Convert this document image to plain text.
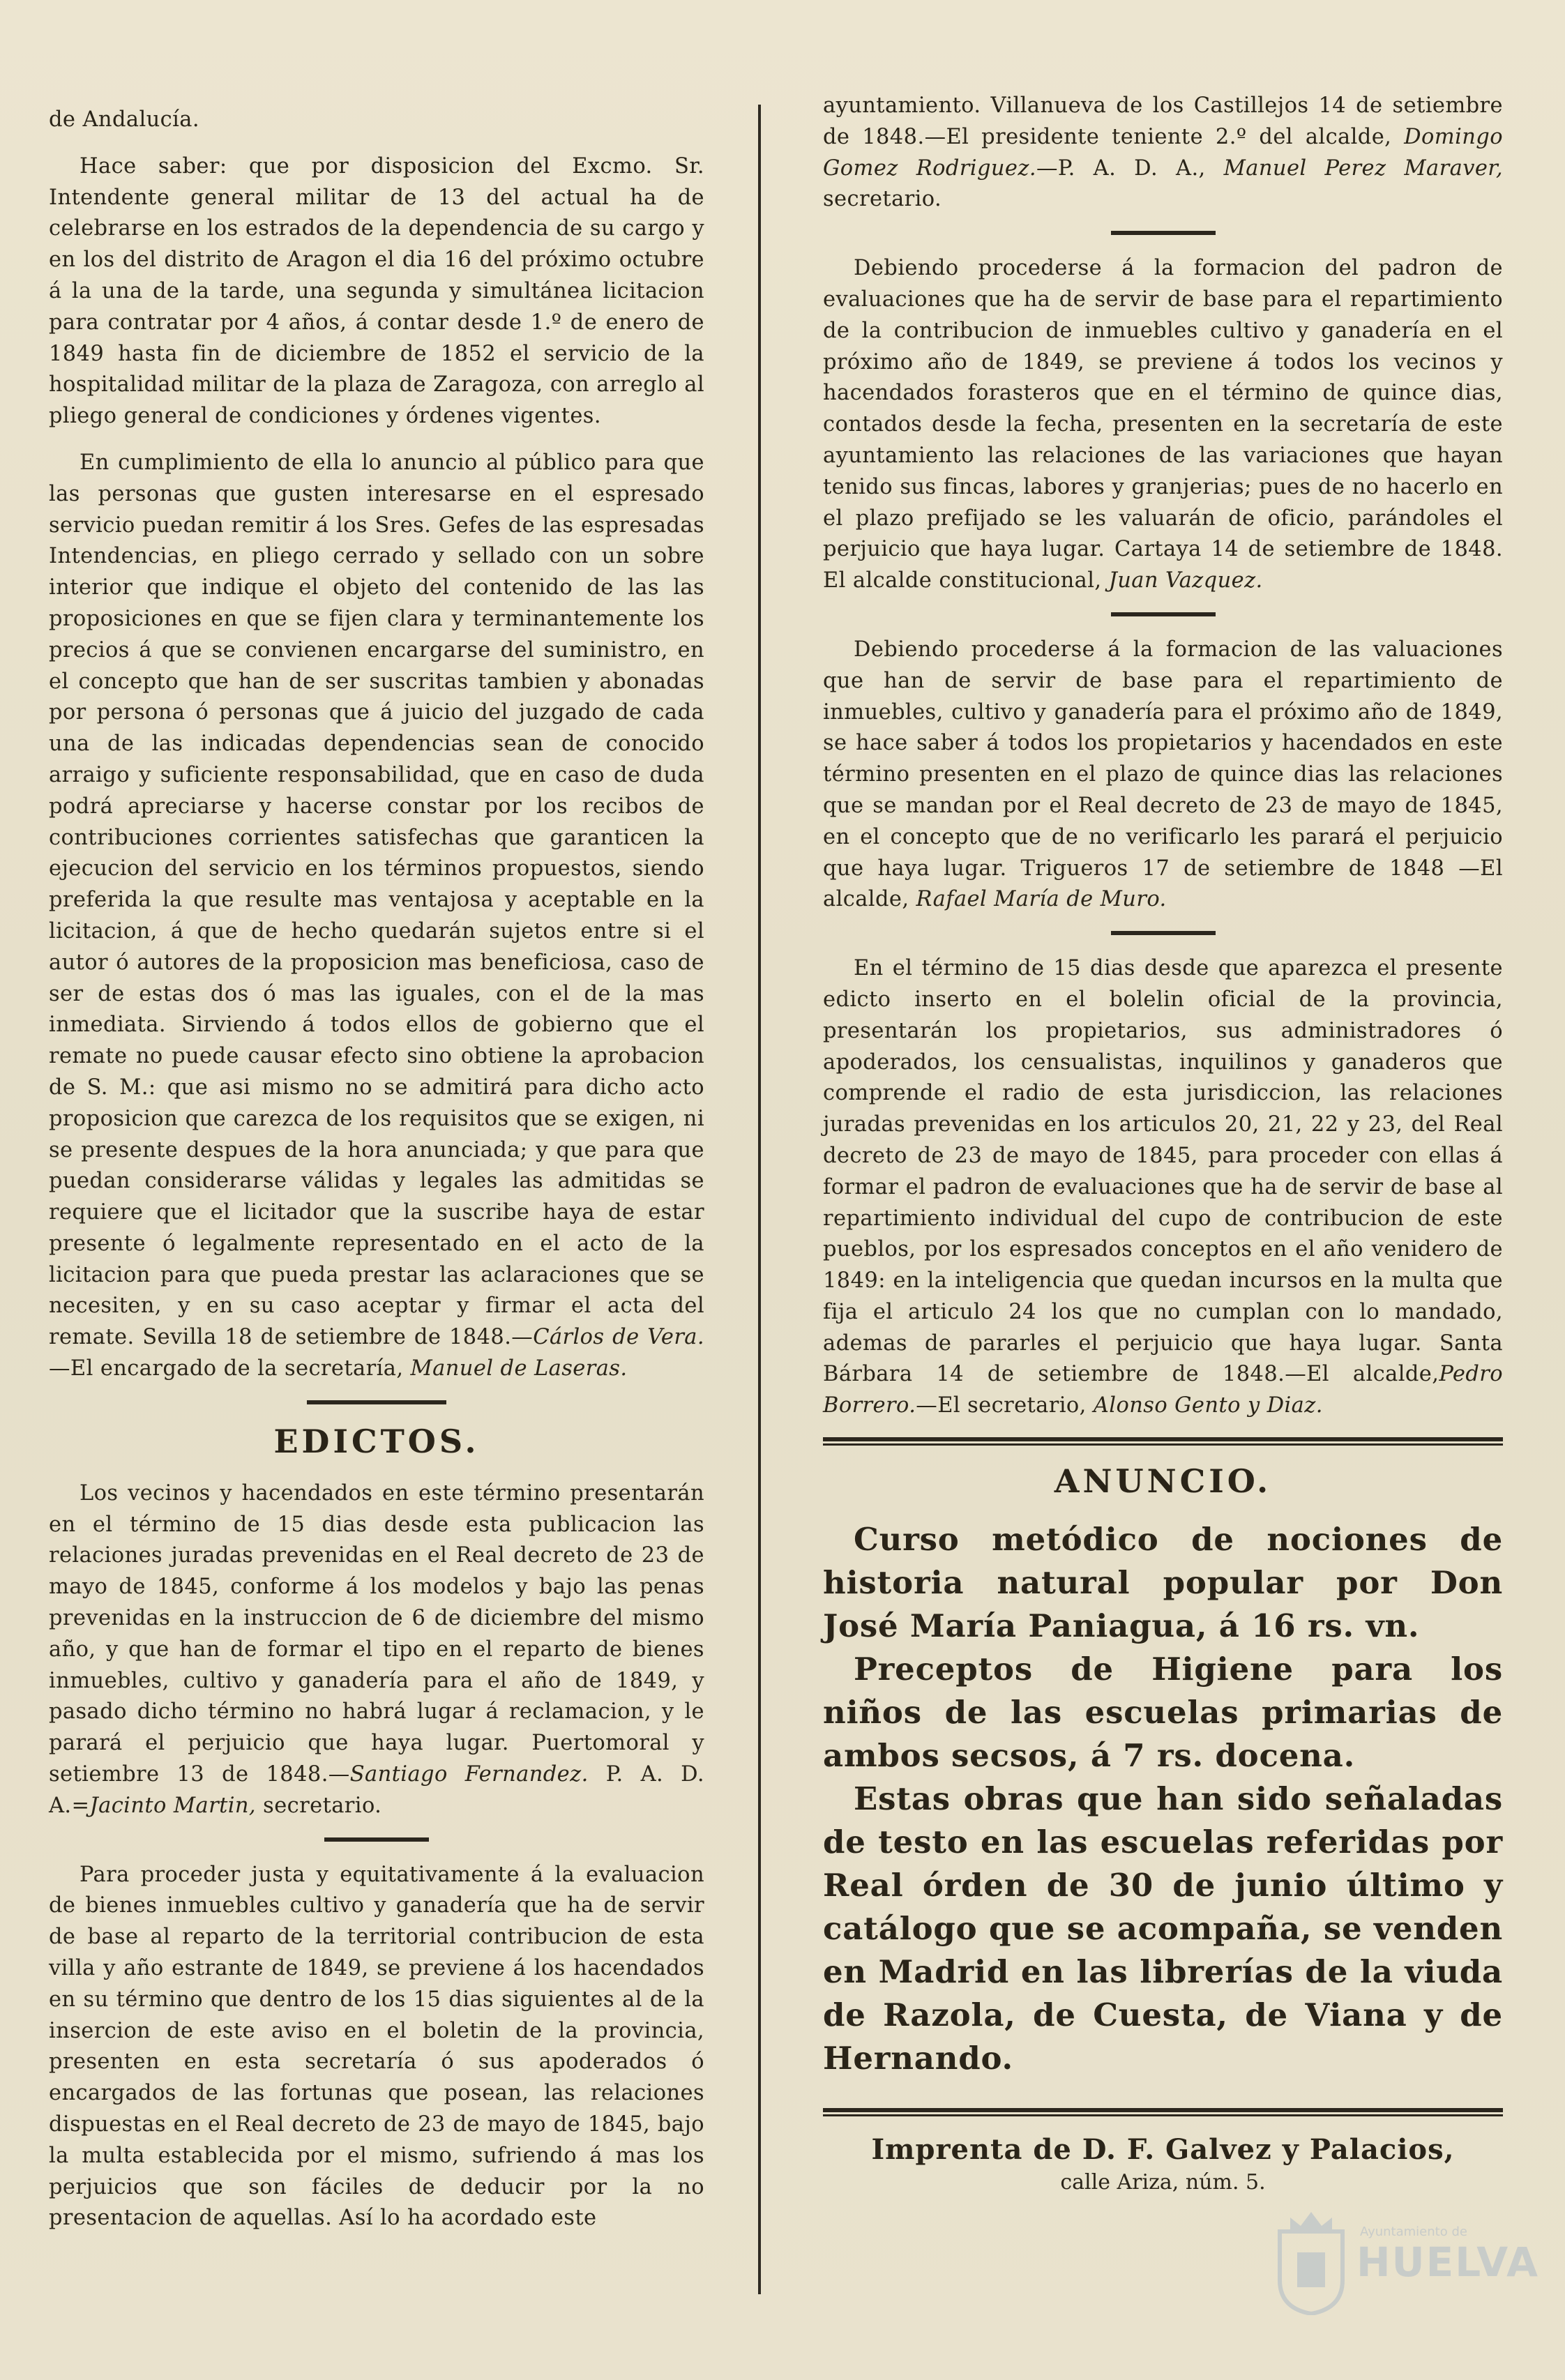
de Andalucía.

Hace saber: que por disposicion del Excmo. Sr. Intendente general militar de 13 del actual ha de celebrarse en los estrados de la dependencia de su cargo y en los del distrito de Aragon el dia 16 del próximo octubre á la una de la tarde, una segunda y simultánea licitacion para contratar por 4 años, á contar desde 1.º de enero de 1849 hasta fin de diciembre de 1852 el servicio de la hospitalidad militar de la plaza de Zaragoza, con arreglo al pliego general de condiciones y órdenes vigentes.

En cumplimiento de ella lo anuncio al público para que las personas que gusten interesarse en el espresado servicio puedan remitir á los Sres. Gefes de las espresadas Intendencias, en pliego cerrado y sellado con un sobre interior que indique el objeto del contenido de las las proposiciones en que se fijen clara y terminantemente los precios á que se convienen encargarse del suministro, en el concepto que han de ser suscritas tambien y abonadas por persona ó personas que á juicio del juzgado de cada una de las indicadas dependencias sean de conocido arraigo y suficiente responsabilidad, que en caso de duda podrá apreciarse y hacerse constar por los recibos de contribuciones corrientes satisfechas que garanticen la ejecucion del servicio en los términos propuestos, siendo preferida la que resulte mas ventajosa y aceptable en la licitacion, á que de hecho quedarán sujetos entre si el autor ó autores de la proposicion mas beneficiosa, caso de ser de estas dos ó mas las iguales, con el de la mas inmediata. Sirviendo á todos ellos de gobierno que el remate no puede causar efecto sino obtiene la aprobacion de S. M.: que asi mismo no se admitirá para dicho acto proposicion que carezca de los requisitos que se exigen, ni se presente despues de la hora anunciada; y que para que puedan considerarse válidas y legales las admitidas se requiere que el licitador que la suscribe haya de estar presente ó legalmente representado en el acto de la licitacion para que pueda prestar las aclaraciones que se necesiten, y en su caso aceptar y firmar el acta del remate. Sevilla 18 de setiembre de 1848.—Cárlos de Vera. —El encargado de la secretaría, Manuel de Laseras.

EDICTOS.

Los vecinos y hacendados en este término presentarán en el término de 15 dias desde esta publicacion las relaciones juradas prevenidas en el Real decreto de 23 de mayo de 1845, conforme á los modelos y bajo las penas prevenidas en la instruccion de 6 de diciembre del mismo año, y que han de formar el tipo en el reparto de bienes inmuebles, cultivo y ganadería para el año de 1849, y pasado dicho término no habrá lugar á reclamacion, y le parará el perjuicio que haya lugar. Puertomoral y setiembre 13 de 1848.—Santiago Fernandez. P. A. D. A.=Jacinto Martin, secretario.

Para proceder justa y equitativamente á la evaluacion de bienes inmuebles cultivo y ganadería que ha de servir de base al reparto de la territorial contribucion de esta villa y año estrante de 1849, se previene á los hacendados en su término que dentro de los 15 dias siguientes al de la insercion de este aviso en el boletin de la provincia, presenten en esta secretaría ó sus apoderados ó encargados de las fortunas que posean, las relaciones dispuestas en el Real decreto de 23 de mayo de 1845, bajo la multa establecida por el mismo, sufriendo á mas los perjuicios que son fáciles de deducir por la no presentacion de aquellas. Así lo ha acordado este

ayuntamiento. Villanueva de los Castillejos 14 de setiembre de 1848.—El presidente teniente 2.º del alcalde, Domingo Gomez Rodriguez.—P. A. D. A., Manuel Perez Maraver, secretario.

Debiendo procederse á la formacion del padron de evaluaciones que ha de servir de base para el repartimiento de la contribucion de inmuebles cultivo y ganadería en el próximo año de 1849, se previene á todos los vecinos y hacendados forasteros que en el término de quince dias, contados desde la fecha, presenten en la secretaría de este ayuntamiento las relaciones de las variaciones que hayan tenido sus fincas, labores y granjerias; pues de no hacerlo en el plazo prefijado se les valuarán de oficio, parándoles el perjuicio que haya lugar. Cartaya 14 de setiembre de 1848. El alcalde constitucional, Juan Vazquez.

Debiendo procederse á la formacion de las valuaciones que han de servir de base para el repartimiento de inmuebles, cultivo y ganadería para el próximo año de 1849, se hace saber á todos los propietarios y hacendados en este término presenten en el plazo de quince dias las relaciones que se mandan por el Real decreto de 23 de mayo de 1845, en el concepto que de no verificarlo les parará el perjuicio que haya lugar. Trigueros 17 de setiembre de 1848 —El alcalde, Rafael María de Muro.

En el término de 15 dias desde que aparezca el presente edicto inserto en el bolelin oficial de la provincia, presentarán los propietarios, sus administradores ó apoderados, los censualistas, inquilinos y ganaderos que comprende el radio de esta jurisdiccion, las relaciones juradas prevenidas en los articulos 20, 21, 22 y 23, del Real decreto de 23 de mayo de 1845, para proceder con ellas á formar el padron de evaluaciones que ha de servir de base al repartimiento individual del cupo de contribucion de este pueblos, por los espresados conceptos en el año venidero de 1849: en la inteligencia que quedan incursos en la multa que fija el articulo 24 los que no cumplan con lo mandado, ademas de pararles el perjuicio que haya lugar. Santa Bárbara 14 de setiembre de 1848.—El alcalde,Pedro Borrero.—El secretario, Alonso Gento y Diaz.

ANUNCIO.

Curso metódico de nociones de historia natural popular por Don José María Paniagua, á 16 rs. vn.

Preceptos de Higiene para los niños de las escuelas primarias de ambos secsos, á 7 rs. docena.

Estas obras que han sido señaladas de testo en las escuelas referidas por Real órden de 30 de junio último y catálogo que se acompaña, se venden en Madrid en las librerías de la viuda de Razola, de Cuesta, de Viana y de Hernando.

Imprenta de D. F. Galvez y Palacios,
calle Ariza, núm. 5.
Ayuntamiento de
HUELVA
